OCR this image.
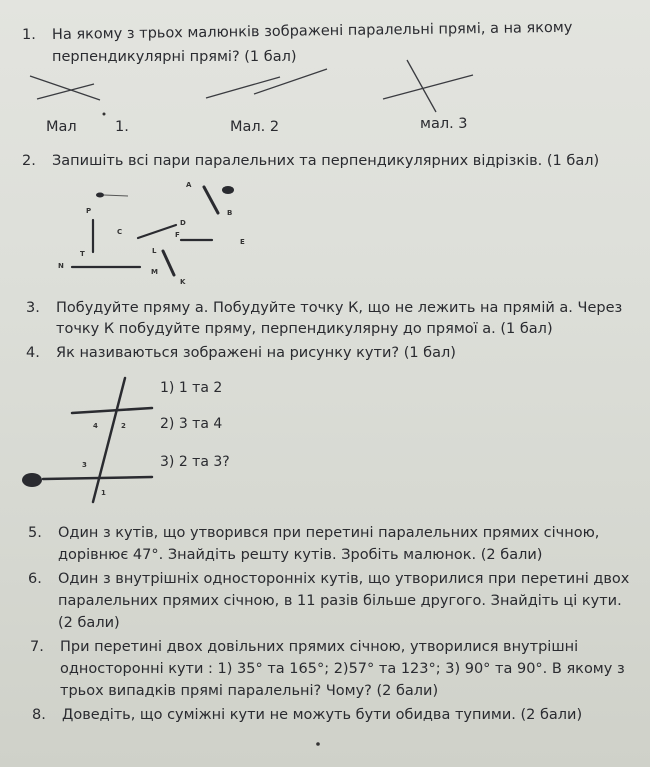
1. На якому з трьох малюнків зображені паралельні прямі, а на якому
перпендикулярні прямі? (1 бал)
Мал	1.	Мал. 2	мал. 3
2. Запишіть всі пари паралельних та перпендикулярних відрізків. (1 бал)
A
B
P
D
C	F
E
T	L
N
M
K
3. Побудуйте пряму а. Побудуйте точку К, що не лежить на прямій а. Через
точку К побудуйте пряму, перпендикулярну до прямої а. (1 бал)
4. Як називаються зображені на рисунку кути? (1 бал)
4	2
3
1
1) 1 та 2
2) 3 та 4
3) 2 та 3?
5. Один з кутів, що утворився при перетині паралельних прямих січною,
дорівнює 47°. Знайдіть решту кутів. Зробіть малюнок. (2 бали)
6. Один з внутрішніх односторонніх кутів, що утворилися при перетині двох
паралельних прямих січною, в 11 разів більше другого. Знайдіть ці кути.
(2 бали)
7. При перетині двох довільних прямих січною, утворилися внутрішні
односторонні кути : 1) 35° та 165°; 2)57° та 123°; 3) 90° та 90°. В якому з
трьох випадків прямі паралельні? Чому? (2 бали)
8. Доведіть, що суміжні кути не можуть бути обидва тупими. (2 бали)
